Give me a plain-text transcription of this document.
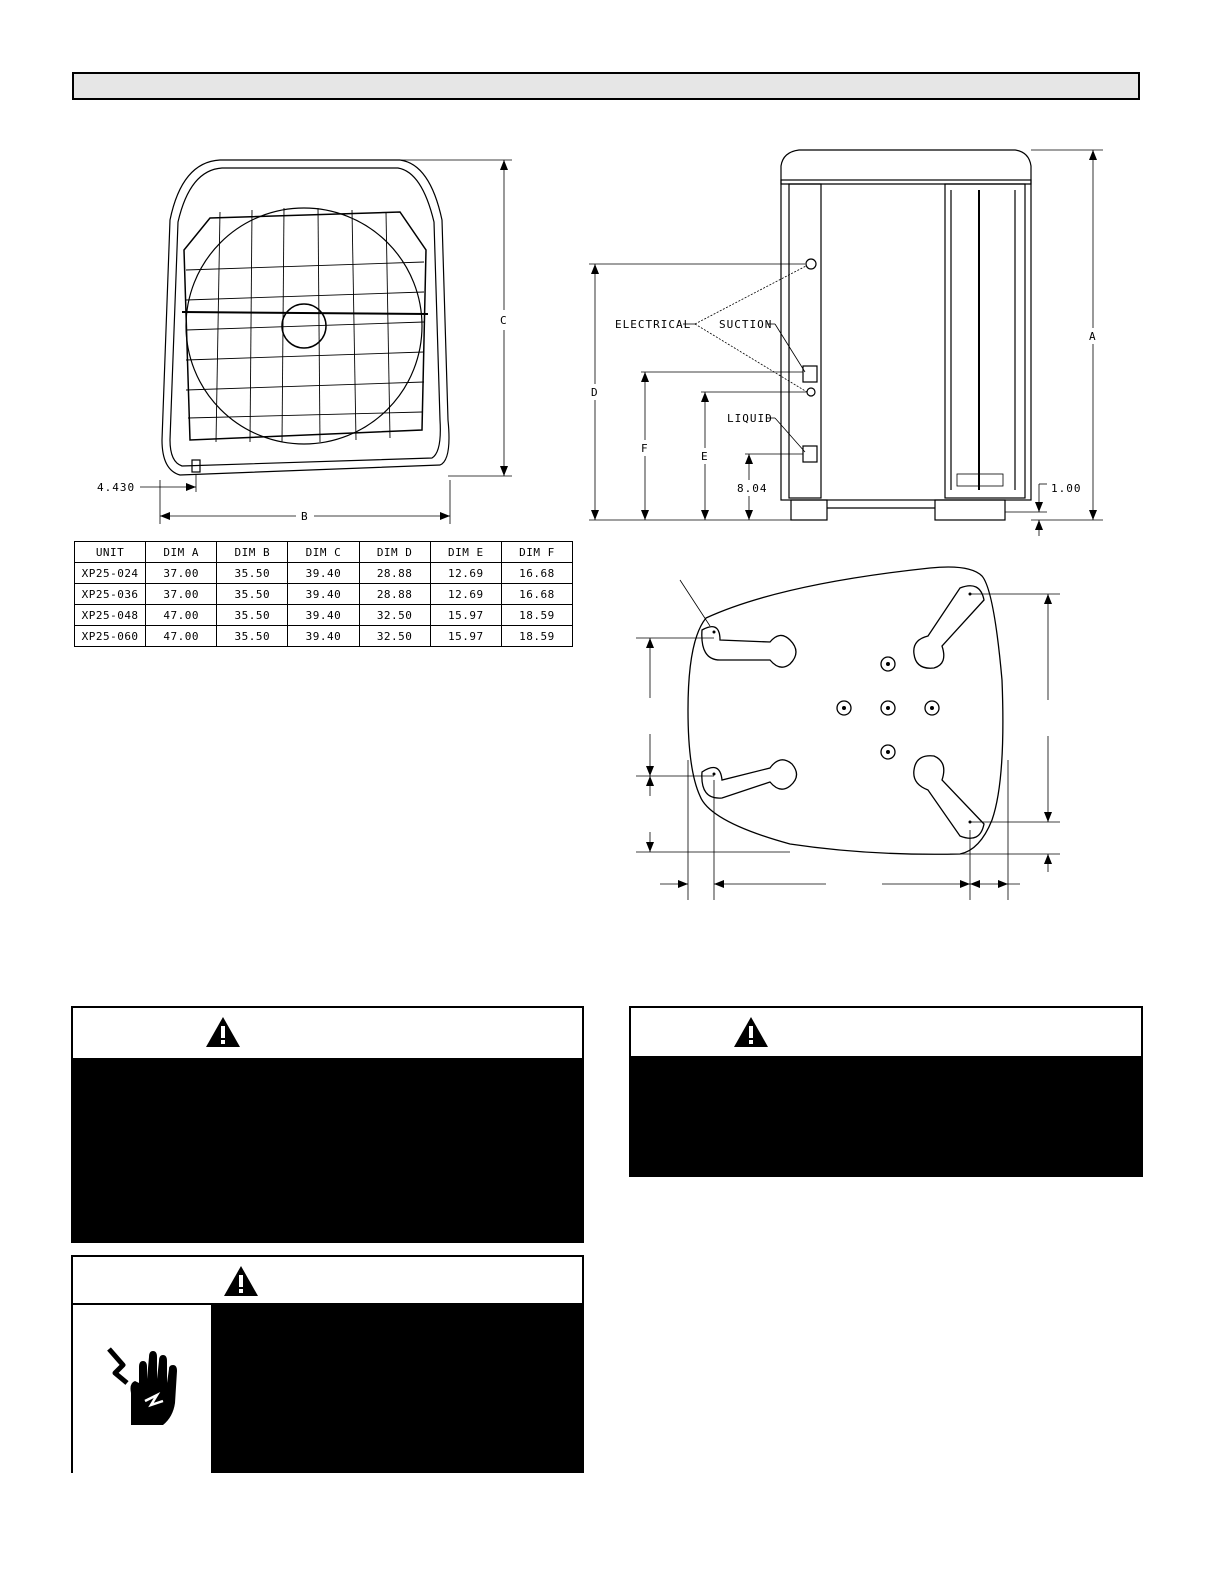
C
B
4.430
A
D
F
E
ELECTRICAL	SUCTION
LIQUID
8.04	1.00
UNIT	DIM A	DIM B	DIM C	DIM D	DIM E	DIM F
XP25-024	37.00	35.50	39.40	28.88	12.69	16.68
XP25-036	37.00	35.50	39.40	28.88	12.69	16.68
XP25-048	47.00	35.50	39.40	32.50	15.97	18.59
XP25-060	47.00	35.50	39.40	32.50	15.97	18.59
